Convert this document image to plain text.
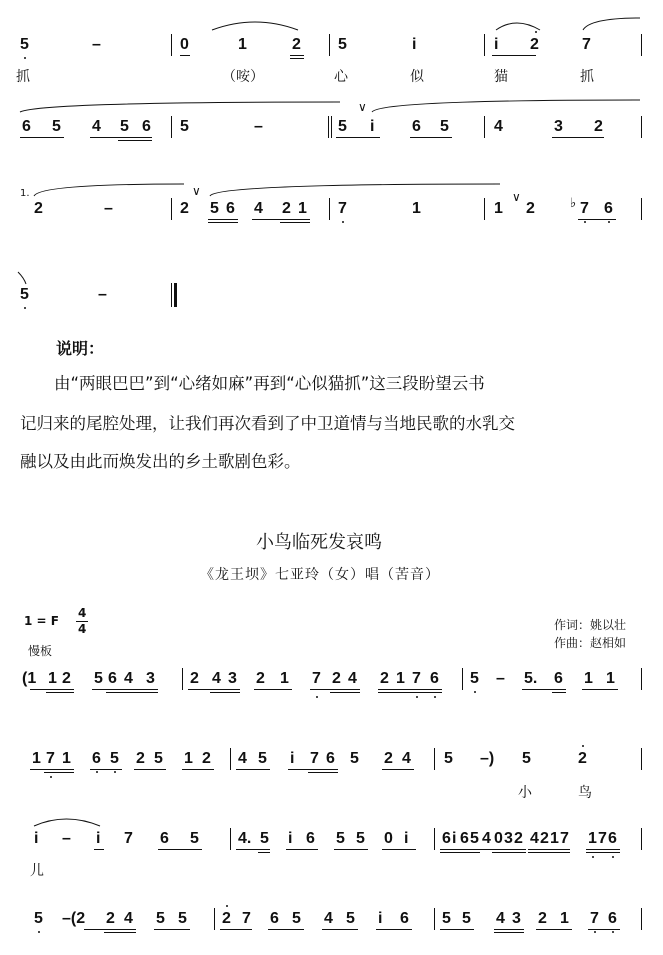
5	–	0	1	2 5	i	i 2	7
抓	（咹）	心	似	猫	抓
6 5 4 5 6 5	–
∨
5 i 6 5	4	3 2
1.
2	–
∨
2 5 6 4 2 1 7	1	1
∨
2	♭ 7 6
5	–
说明：
由“两眼巴巴”到“心绪如麻”再到“心似猫抓”这三段盼望云书
记归来的尾腔处理，让我们再次看到了中卫道情与当地民歌的水乳交
融以及由此而焕发出的乡土歌剧色彩。
小鸟临死发哀鸣
《龙王坝》七亚玲（女）唱（苦音）
1 = F
4
4
慢板
作词：姚以壮
作曲：赵相如
(1 1 2 5 6 4 3 2 4 3 2 1 7 2 4 2 1 7 6 5 – 5. 6 1 1
1 7 1 6 5 2 5 1 2 4 5 i 7 6 5 2 4 5 –) 5	2
小	鸟
i – i 7 6 5 4. 5 i 6 5 5 0 i 6 i 6 5 4 0 3 2 4 2 1 7 1 7 6
儿
5 –(2 2 4 5 5 2 7 6 5 4 5 i 6 5 5 4 3 2 1 7 6
